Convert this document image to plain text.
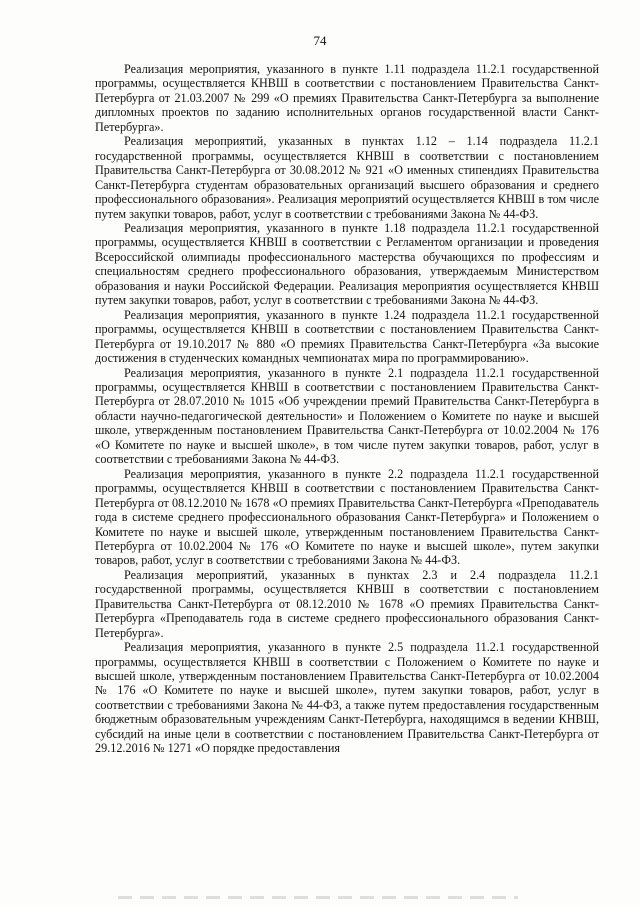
74

Реализация мероприятия, указанного в пункте 1.11 подраздела 11.2.1 государственной программы, осуществляется КНВШ в соответствии с постановлением Правительства Санкт-Петербурга от 21.03.2007 № 299 «О премиях Правительства Санкт-Петербурга за выполнение дипломных проектов по заданию исполнительных органов государственной власти Санкт-Петербурга».

Реализация мероприятий, указанных в пунктах 1.12 – 1.14 подраздела 11.2.1 государственной программы, осуществляется КНВШ в соответствии с постановлением Правительства Санкт-Петербурга от 30.08.2012 № 921 «О именных стипендиях Правительства Санкт-Петербурга студентам образовательных организаций высшего образования и среднего профессионального образования». Реализация мероприятий осуществляется КНВШ в том числе путем закупки товаров, работ, услуг в соответствии с требованиями Закона № 44-ФЗ.

Реализация мероприятия, указанного в пункте 1.18 подраздела 11.2.1 государственной программы, осуществляется КНВШ в соответствии с Регламентом организации и проведения Всероссийской олимпиады профессионального мастерства обучающихся по профессиям и специальностям среднего профессионального образования, утверждаемым Министерством образования и науки Российской Федерации. Реализация мероприятия осуществляется КНВШ путем закупки товаров, работ, услуг в соответствии с требованиями Закона № 44-ФЗ.

Реализация мероприятия, указанного в пункте 1.24 подраздела 11.2.1 государственной программы, осуществляется КНВШ в соответствии с постановлением Правительства Санкт-Петербурга от 19.10.2017 № 880 «О премиях Правительства Санкт-Петербурга «За высокие достижения в студенческих командных чемпионатах мира по программированию».

Реализация мероприятия, указанного в пункте 2.1 подраздела 11.2.1 государственной программы, осуществляется КНВШ в соответствии с постановлением Правительства Санкт-Петербурга от 28.07.2010 № 1015 «Об учреждении премий Правительства Санкт-Петербурга в области научно-педагогической деятельности» и Положением о Комитете по науке и высшей школе, утвержденным постановлением Правительства Санкт-Петербурга от 10.02.2004 № 176 «О Комитете по науке и высшей школе», в том числе путем закупки товаров, работ, услуг в соответствии с требованиями Закона № 44-ФЗ.

Реализация мероприятия, указанного в пункте 2.2 подраздела 11.2.1 государственной программы, осуществляется КНВШ в соответствии с постановлением Правительства Санкт-Петербурга от 08.12.2010 № 1678 «О премиях Правительства Санкт-Петербурга «Преподаватель года в системе среднего профессионального образования Санкт-Петербурга» и Положением о Комитете по науке и высшей школе, утвержденным постановлением Правительства Санкт-Петербурга от 10.02.2004 № 176 «О Комитете по науке и высшей школе», путем закупки товаров, работ, услуг в соответствии с требованиями Закона № 44-ФЗ.

Реализация мероприятий, указанных в пунктах 2.3 и 2.4 подраздела 11.2.1 государственной программы, осуществляется КНВШ в соответствии с постановлением Правительства Санкт-Петербурга от 08.12.2010 № 1678 «О премиях Правительства Санкт-Петербурга «Преподаватель года в системе среднего профессионального образования Санкт-Петербурга».

Реализация мероприятия, указанного в пункте 2.5 подраздела 11.2.1 государственной программы, осуществляется КНВШ в соответствии с Положением о Комитете по науке и высшей школе, утвержденным постановлением Правительства Санкт-Петербурга от 10.02.2004 № 176 «О Комитете по науке и высшей школе», путем закупки товаров, работ, услуг в соответствии с требованиями Закона № 44-ФЗ, а также путем предоставления государственным бюджетным образовательным учреждениям Санкт-Петербурга, находящимся в ведении КНВШ, субсидий на иные цели в соответствии с постановлением Правительства Санкт-Петербурга от 29.12.2016 № 1271 «О порядке предоставления
